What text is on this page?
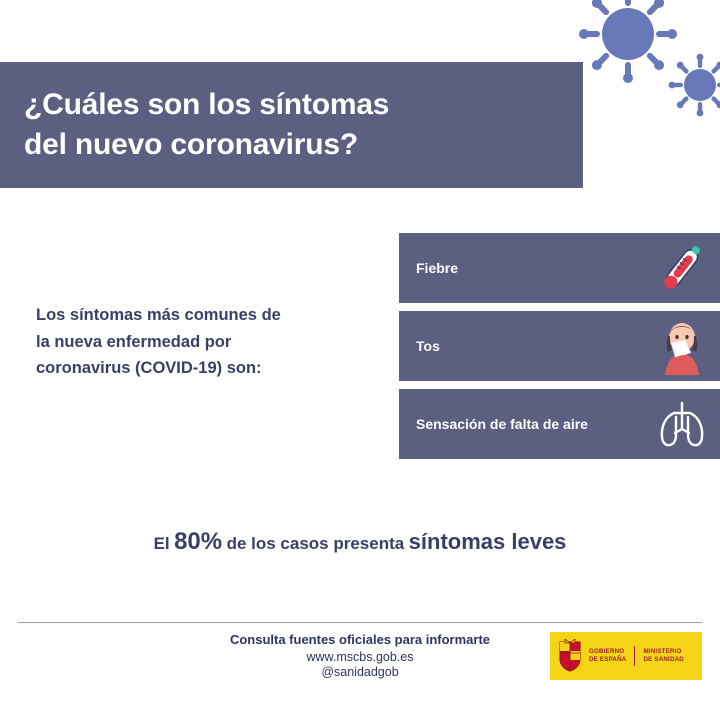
¿Cuáles son los síntomas
del nuevo coronavirus?
Los síntomas más comunes de
la nueva enfermedad por
coronavirus (COVID-19) son:
Fiebre
Tos
Sensación de falta de aire
El 80% de los casos presenta síntomas leves
Consulta fuentes oficiales para informarte
www.mscbs.gob.es
@sanidadgob
GOBIERNO
DE ESPAÑA
MINISTERIO
DE SANIDAD
